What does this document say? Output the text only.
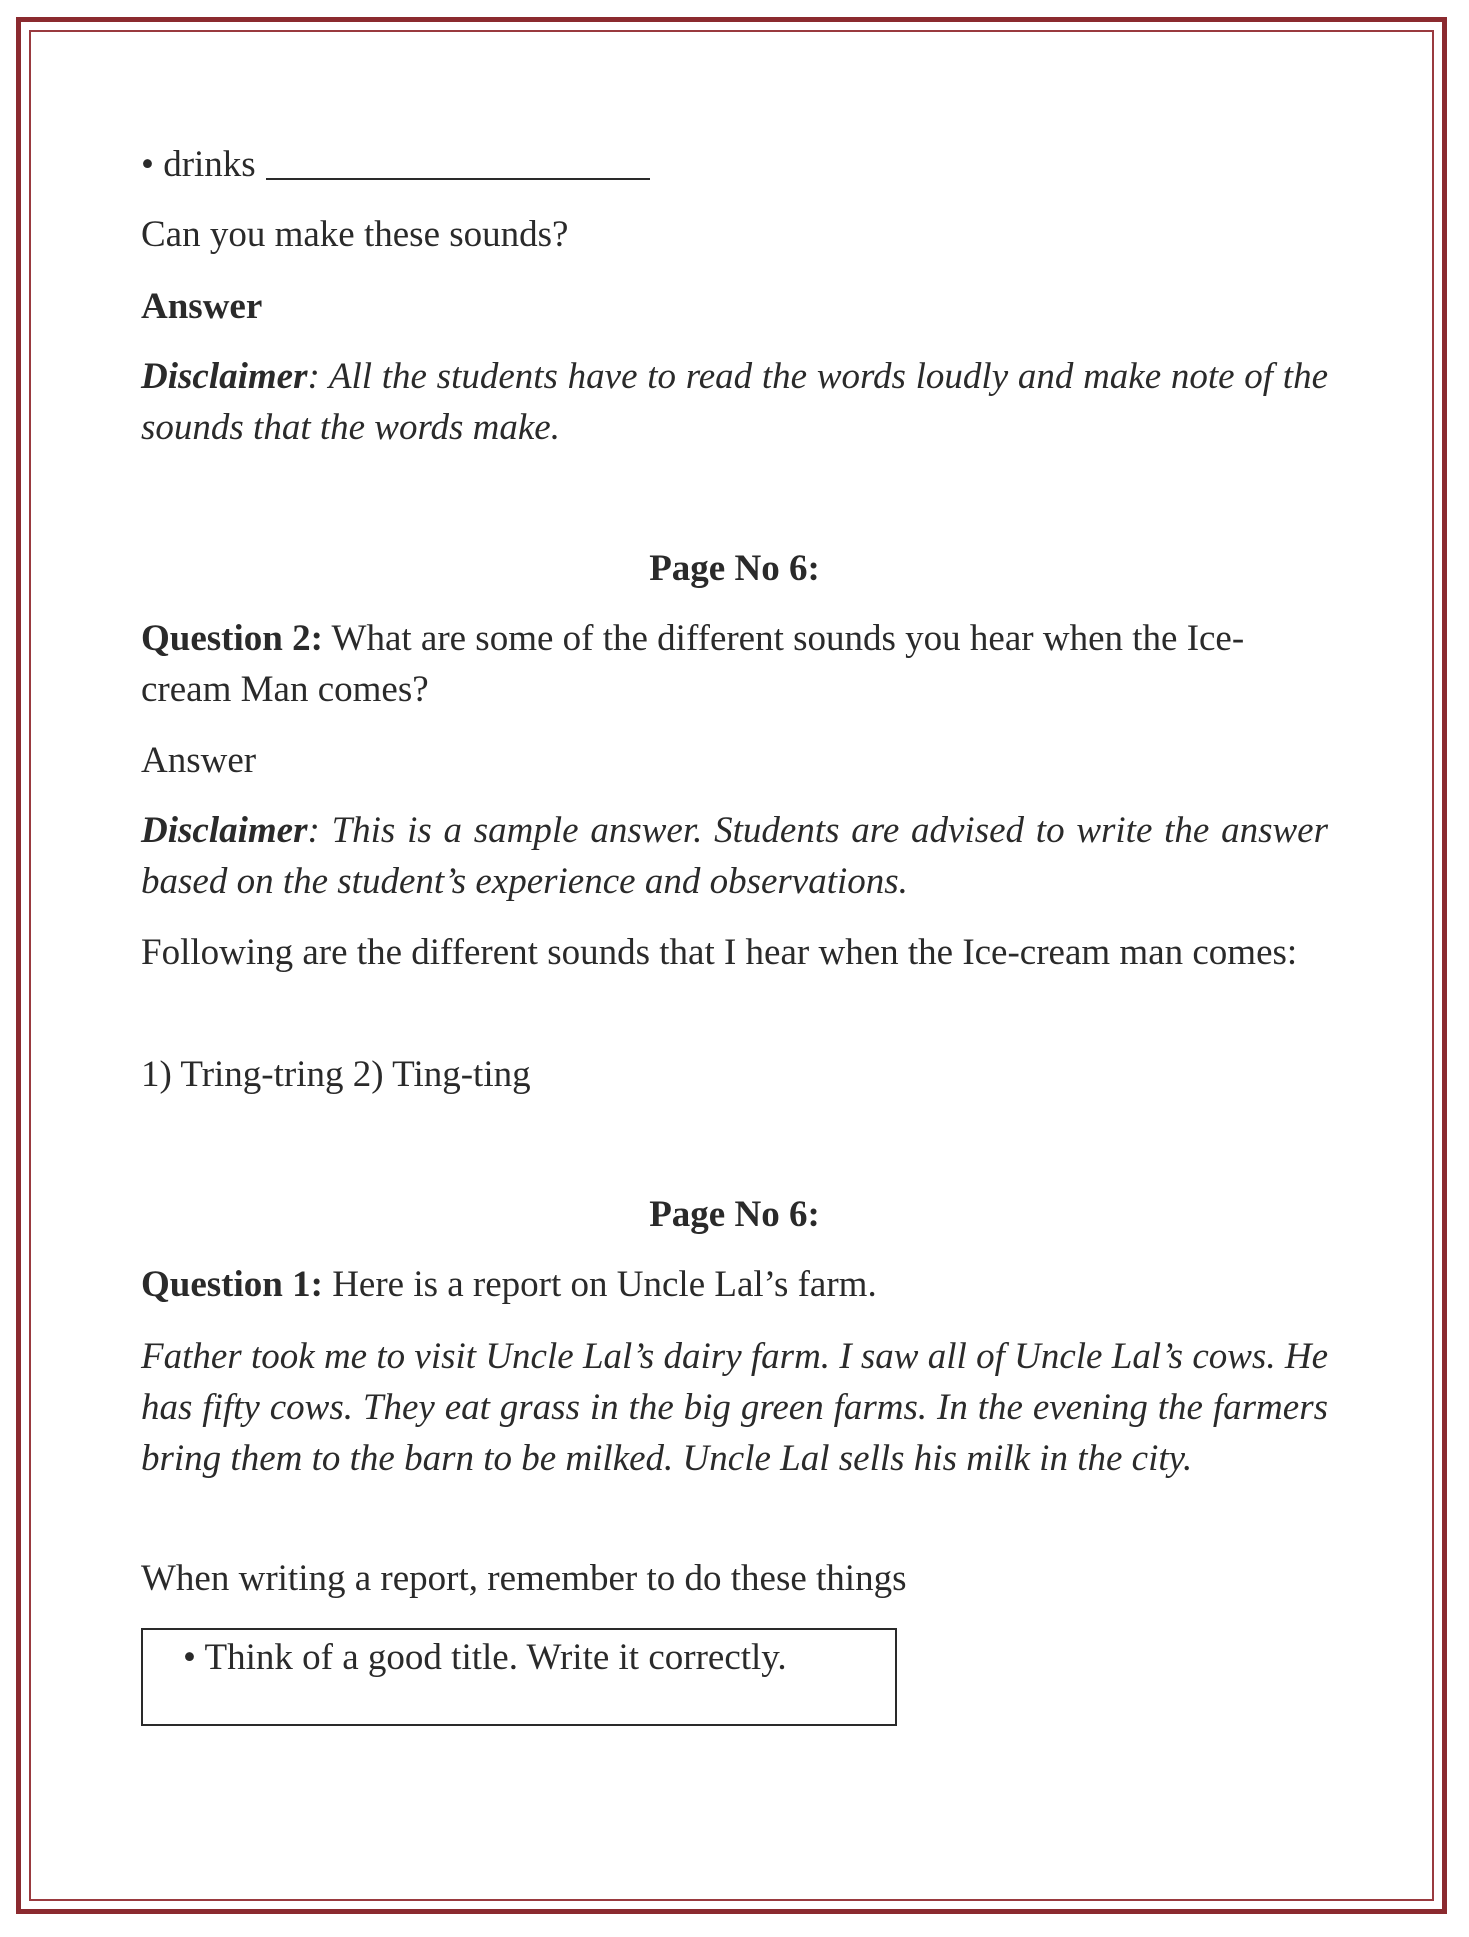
• drinks
Can you make these sounds?
Answer
Disclaimer: All the students have to read the words loudly and make note of the sounds that the words make.
Page No 6:
Question 2: What are some of the different sounds you hear when the Ice-cream Man comes?
Answer
Disclaimer: This is a sample answer. Students are advised to write the answer based on the student’s experience and observations.
Following are the different sounds that I hear when the Ice-cream man comes:
1) Tring-tring 2) Ting-ting
Page No 6:
Question 1: Here is a report on Uncle Lal’s farm.
Father took me to visit Uncle Lal’s dairy farm. I saw all of Uncle Lal’s cows. He has fifty cows. They eat grass in the big green farms. In the evening the farmers bring them to the barn to be milked. Uncle Lal sells his milk in the city.
When writing a report, remember to do these things
• Think of a good title. Write it correctly.
